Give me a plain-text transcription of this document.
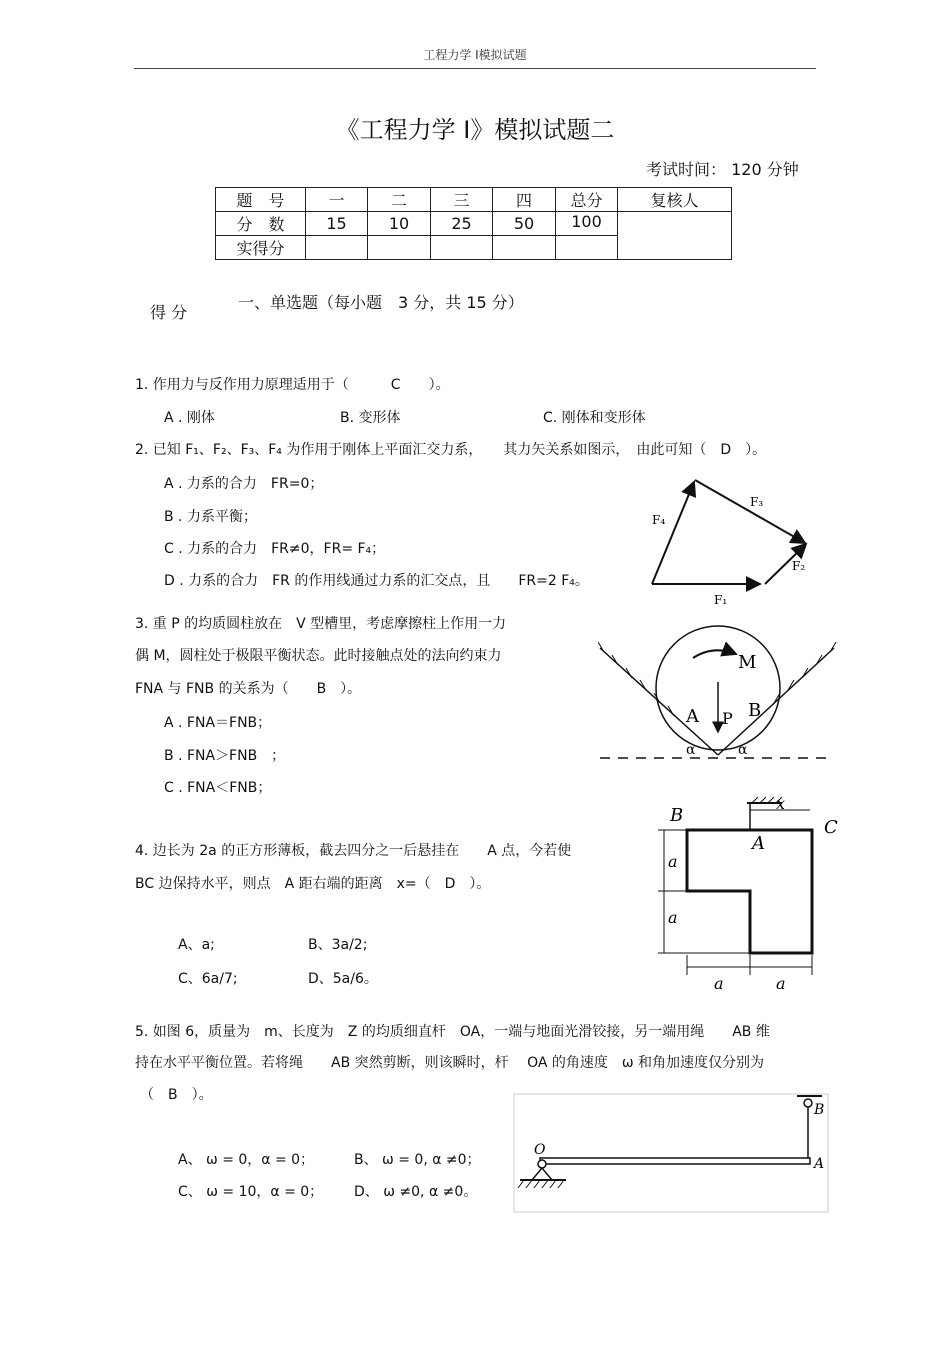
工程力学 Ⅰ模拟试题
《工程力学 Ⅰ》模拟试题二
考试时间： 120 分钟
题　号	一	二	三	四	总分	复核人
分　数	15	10	25	50	100	
实得分						
得 分
一、单选题（每小题　3 分，共 15 分）
1. 作用力与反作用力原理适用于（　　　C　　）。
A . 刚体	B. 变形体	C. 刚体和变形体
2. 已知 F₁、F₂、F₃、F₄ 为作用于刚体上平面汇交力系，　　其力矢关系如图示，　由此可知（　D　）。
A . 力系的合力　FR=0；
B . 力系平衡；
C . 力系的合力　FR≠0，FR= F₄；
D . 力系的合力　FR 的作用线通过力系的汇交点，且　　FR=2 F₄。
F₁
F₂
F₃
F₄
3. 重 P 的均质圆柱放在　V 型槽里，考虑摩擦柱上作用一力
偶 M，圆柱处于极限平衡状态。此时接触点处的法向约束力
FNA 与 FNB 的关系为（　　B　）。
A . FNA＝FNB；
B . FNA＞FNB　；
C . FNA＜FNB；
M
A P B
α	α
4. 边长为 2a 的正方形薄板，截去四分之一后悬挂在　　A 点，今若使
BC 边保持水平，则点　A 距右端的距离　x=（　D　）。
A、a;	B、3a/2;
C、6a/7;	D、5a/6。
B
C
A
x
a
a
a	a
5. 如图 6，质量为　m、长度为　Z 的均质细直杆　OA，一端与地面光滑铰接，另一端用绳　　AB 维
持在水平平衡位置。若将绳　　AB 突然剪断，则该瞬时，杆　 OA 的角速度　ω 和角加速度仅分别为
（　B　）。
A、 ω = 0，α = 0；	B、 ω = 0, α ≠0；
C、 ω = 10，α = 0； D、 ω ≠0, α ≠0。
O
A
B
